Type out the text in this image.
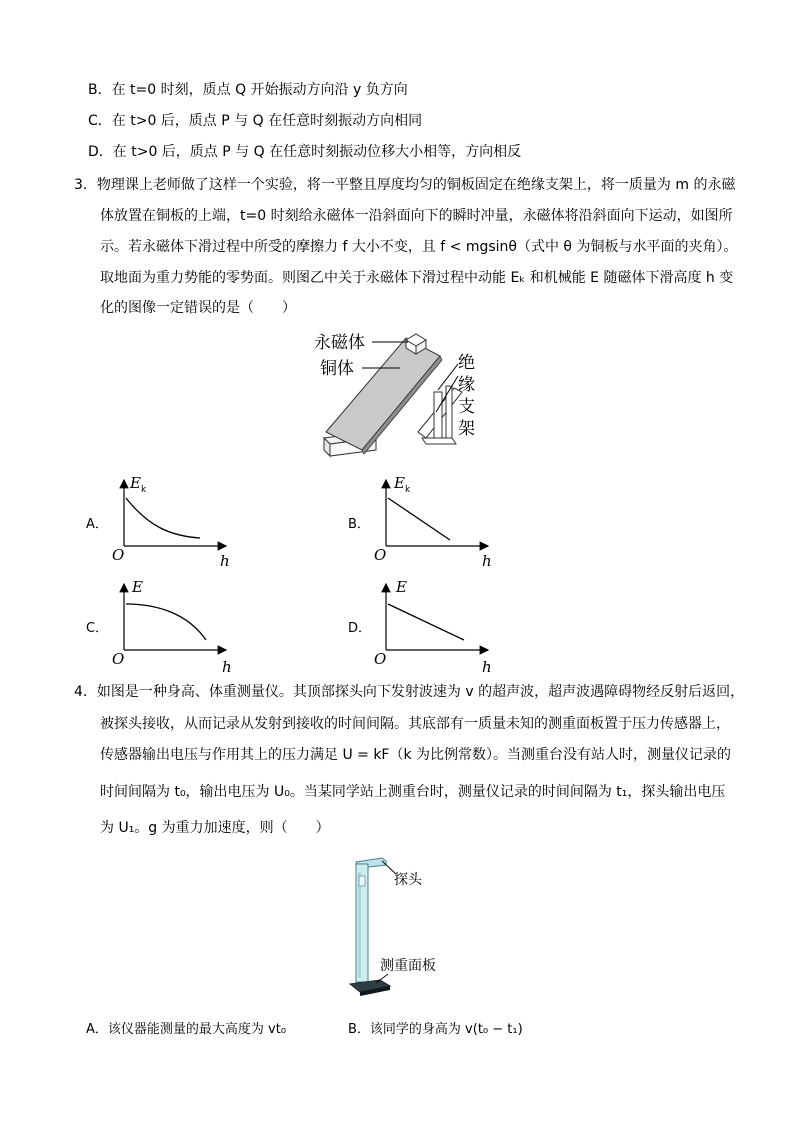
B．在 t=0 时刻，质点 Q 开始振动方向沿 y 负方向
C．在 t>0 后，质点 P 与 Q 在任意时刻振动方向相同
D．在 t>0 后，质点 P 与 Q 在任意时刻振动位移大小相等，方向相反
3．物理课上老师做了这样一个实验，将一平整且厚度均匀的铜板固定在绝缘支架上，将一质量为 m 的永磁
体放置在铜板的上端，t=0 时刻给永磁体一沿斜面向下的瞬时冲量，永磁体将沿斜面向下运动，如图所
示。若永磁体下滑过程中所受的摩擦力 f 大小不变，且 f < mgsinθ（式中 θ 为铜板与水平面的夹角）。
取地面为重力势能的零势面。则图乙中关于永磁体下滑过程中动能 Eₖ 和机械能 E 随磁体下滑高度 h 变
化的图像一定错误的是（　　）
永磁体
铜体	绝
缘
支
架
A．
E k
O	h
B．
E k
O	h
C．
E
O	h
D．
E
O	h
4．如图是一种身高、体重测量仪。其顶部探头向下发射波速为 v 的超声波，超声波遇障碍物经反射后返回，
被探头接收，从而记录从发射到接收的时间间隔。其底部有一质量未知的测重面板置于压力传感器上，
传感器输出电压与作用其上的压力满足 U = kF（k 为比例常数）。当测重台没有站人时，测量仪记录的
时间间隔为 t₀，输出电压为 U₀。当某同学站上测重台时，测量仪记录的时间间隔为 t₁，探头输出电压
为 U₁。g 为重力加速度，则（　　）
探头
测重面板
A．该仪器能测量的最大高度为 vt₀	B．该同学的身高为 v(t₀ − t₁)
